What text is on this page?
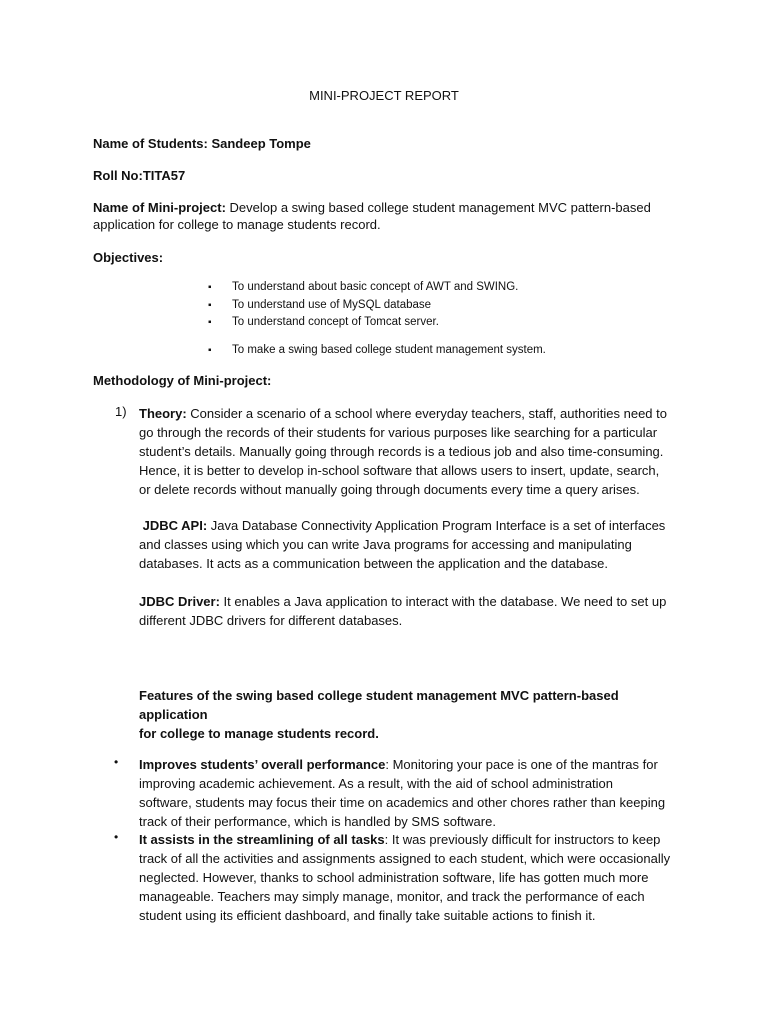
MINI-PROJECT REPORT
Name of Students: Sandeep Tompe
Roll No:TITA57
Name of Mini-project: Develop a swing based college student management MVC pattern-based
application for college to manage students record.
Objectives:
▪ To understand about basic concept of AWT and SWING.
▪ To understand use of MySQL database
▪ To understand concept of Tomcat server.
▪ To make a swing based college student management system.
Methodology of Mini-project:
1) Theory: Consider a scenario of a school where everyday teachers, staff, authorities need to
go through the records of their students for various purposes like searching for a particular
student’s details. Manually going through records is a tedious job and also time-consuming.
Hence, it is better to develop in-school software that allows users to insert, update, search,
or delete records without manually going through documents every time a query arises.
JDBC API: Java Database Connectivity Application Program Interface is a set of interfaces
and classes using which you can write Java programs for accessing and manipulating
databases. It acts as a communication between the application and the database.
JDBC Driver: It enables a Java application to interact with the database. We need to set up
different JDBC drivers for different databases.
Features of the swing based college student management MVC pattern-based application
for college to manage students record.
• Improves students’ overall performance: Monitoring your pace is one of the mantras for
improving academic achievement. As a result, with the aid of school administration
software, students may focus their time on academics and other chores rather than keeping
track of their performance, which is handled by SMS software.
• It assists in the streamlining of all tasks: It was previously difficult for instructors to keep
track of all the activities and assignments assigned to each student, which were occasionally
neglected. However, thanks to school administration software, life has gotten much more
manageable. Teachers may simply manage, monitor, and track the performance of each
student using its efficient dashboard, and finally take suitable actions to finish it.
